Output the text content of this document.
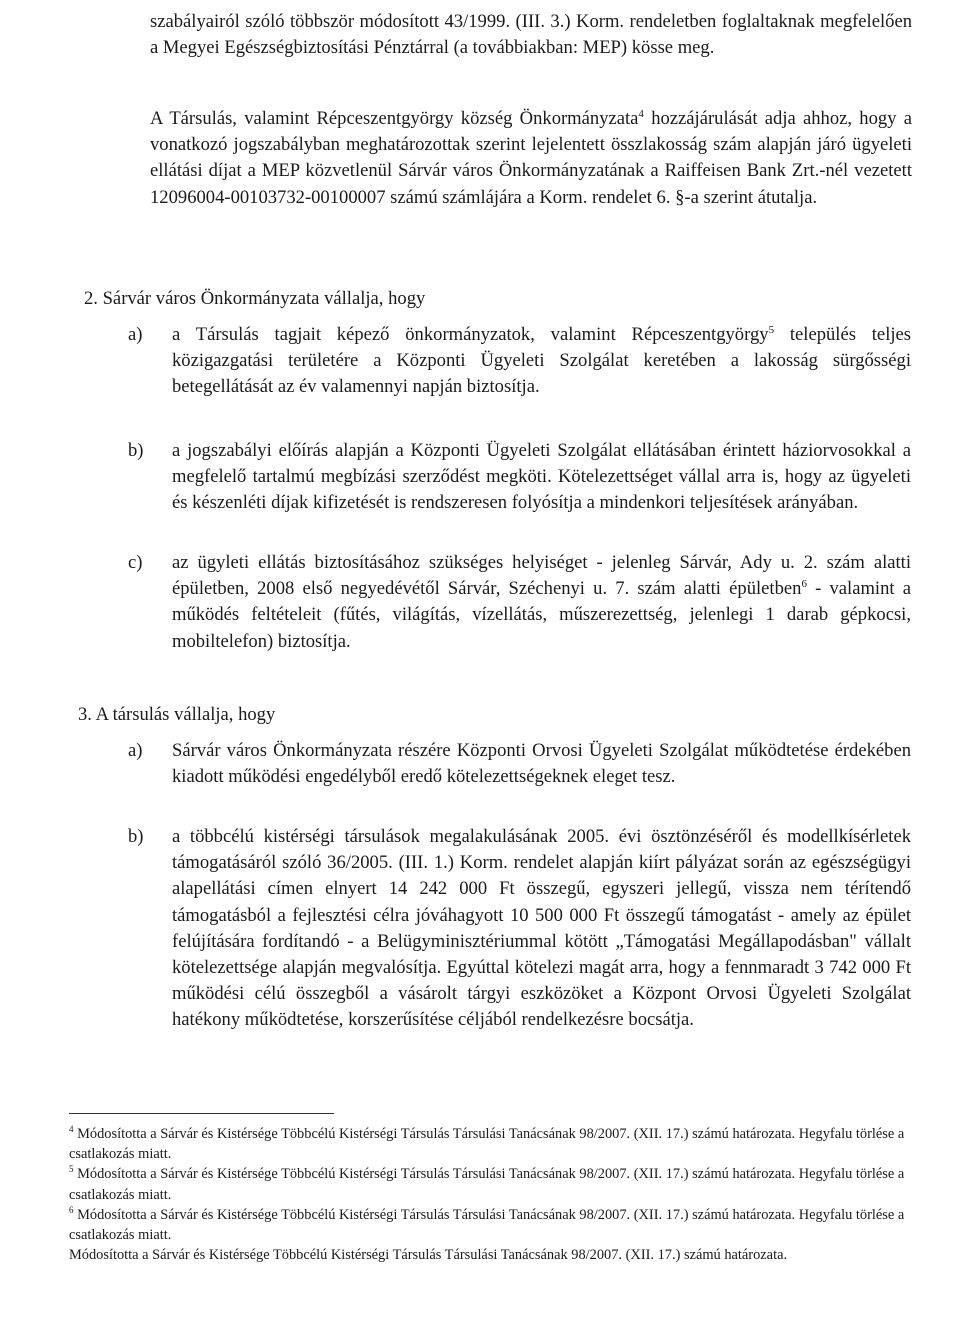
szabályairól szóló többször módosított 43/1999. (III. 3.) Korm. rendeletben foglaltaknak megfelelően a Megyei Egészségbiztosítási Pénztárral (a továbbiakban: MEP) kösse meg.

A Társulás, valamint Répceszentgyörgy község Önkormányzata$^4$ hozzájárulását adja ahhoz, hogy a vonatkozó jogszabályban meghatározottak szerint lejelentett összlakosság szám alapján járó ügyeleti ellátási díjat a MEP közvetlenül Sárvár város Önkormányzatának a Raiffeisen Bank Zrt.-nél vezetett 12096004-00103732-00100007 számú számlájára a Korm. rendelet 6. §-a szerint átutalja.

2. Sárvár város Önkormányzata vállalja, hogy

a)	a Társulás tagjait képező önkormányzatok, valamint Répceszentgyörgy$^5$ település teljes közigazgatási területére a Központi Ügyeleti Szolgálat keretében a lakosság sürgősségi betegellátását az év valamennyi napján biztosítja.
b)	a jogszabályi előírás alapján a Központi Ügyeleti Szolgálat ellátásában érintett háziorvosokkal a megfelelő tartalmú megbízási szerződést megköti. Kötelezettséget vállal arra is, hogy az ügyeleti és készenléti díjak kifizetését is rendszeresen folyósítja a mindenkori teljesítések arányában.
c)	az ügyleti ellátás biztosításához szükséges helyiséget - jelenleg Sárvár, Ady u. 2. szám alatti épületben, 2008 első negyedévétől Sárvár, Széchenyi u. 7. szám alatti épületben$^6$ - valamint a működés feltételeit (fűtés, világítás, vízellátás, műszerezettség, jelenlegi 1 darab gépkocsi, mobiltelefon) biztosítja.

3. A társulás vállalja, hogy

a)	Sárvár város Önkormányzata részére Központi Orvosi Ügyeleti Szolgálat működtetése érdekében kiadott működési engedélyből eredő kötelezettségeknek eleget tesz.
b)	a többcélú kistérségi társulások megalakulásának 2005. évi ösztönzéséről és modellkísérletek támogatásáról szóló 36/2005. (III. 1.) Korm. rendelet alapján kiírt pályázat során az egészségügyi alapellátási címen elnyert 14 242 000 Ft összegű, egyszeri jellegű, vissza nem térítendő támogatásból a fejlesztési célra jóváhagyott 10 500 000 Ft összegű támogatást - amely az épület felújítására fordítandó - a Belügyminisztériummal kötött „Támogatási Megállapodásban" vállalt kötelezettsége alapján megvalósítja. Egyúttal kötelezi magát arra, hogy a fennmaradt 3 742 000 Ft működési célú összegből a vásárolt tárgyi eszközöket a Központ Orvosi Ügyeleti Szolgálat hatékony működtetése, korszerűsítése céljából rendelkezésre bocsátja.

$^4$ Módosította a Sárvár és Kistérsége Többcélú Kistérségi Társulás Társulási Tanácsának 98/2007. (XII. 17.) számú határozata. Hegyfalu törlése a csatlakozás miatt.

$^5$ Módosította a Sárvár és Kistérsége Többcélú Kistérségi Társulás Társulási Tanácsának 98/2007. (XII. 17.) számú határozata. Hegyfalu törlése a csatlakozás miatt.

$^6$ Módosította a Sárvár és Kistérsége Többcélú Kistérségi Társulás Társulási Tanácsának 98/2007. (XII. 17.) számú határozata. Hegyfalu törlése a csatlakozás miatt.

Módosította a Sárvár és Kistérsége Többcélú Kistérségi Társulás Társulási Tanácsának 98/2007. (XII. 17.) számú határozata.
